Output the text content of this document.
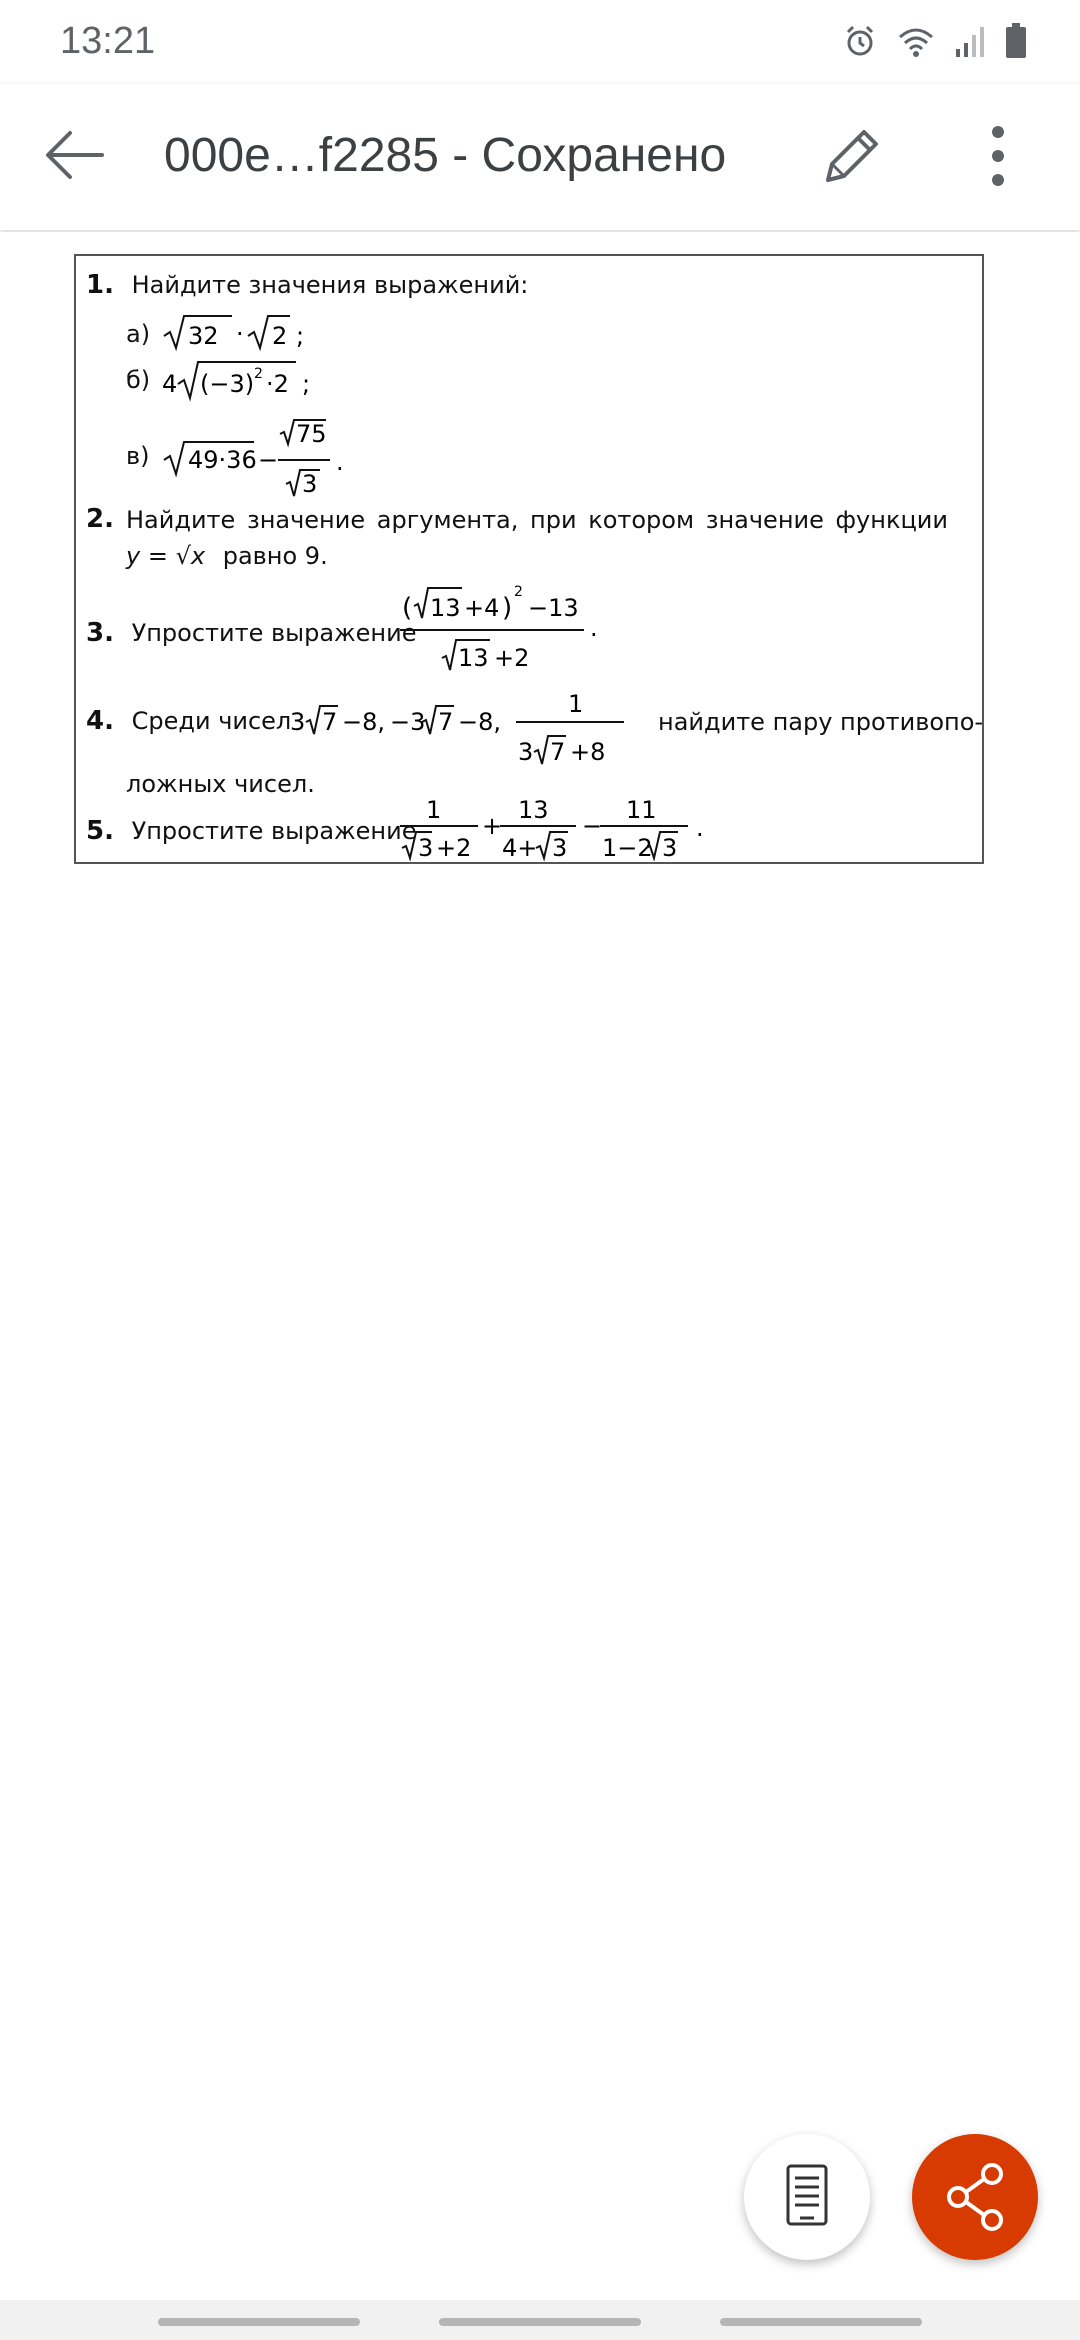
13:21
000e…f2285 - Сохранено
1. Найдите значения выражений:
а) 32 · 2 ;
б) 4 (−3) 2 ·2 ;
в) 49·36 −
75
3
.
2. Найдите значение аргумента, при котором значение функции
y = √x равно 9.
3. Упростите выражение
( 13 +4 )
2
−13
13 +2
.
4. Среди чисел
3 7 −8, −3 7 −8,
1
3 7 +8
найдите пару противопо-
ложных чисел.
5. Упростите выражение
1
3 +2
+
13
4+ 3
−
11
1−2 3
.
